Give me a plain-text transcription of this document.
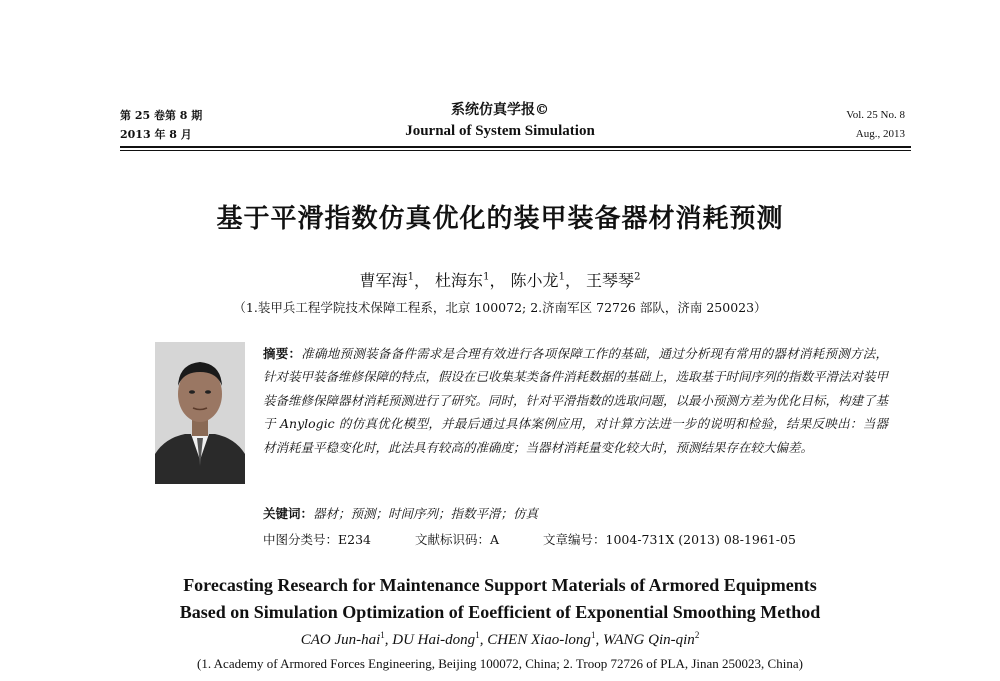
第 25 卷第 8 期
2013 年 8 月
系统仿真学报©
Journal of System Simulation
Vol. 25 No. 8
Aug., 2013
基于平滑指数仿真优化的装甲装备器材消耗预测
曹军海$^1$， 杜海东$^1$， 陈小龙$^1$， 王琴琴$^2$
（1.装甲兵工程学院技术保障工程系，北京 100072; 2.济南军区 72726 部队，济南 250023）
摘要：准确地预测装备备件需求是合理有效进行各项保障工作的基础，通过分析现有常用的器材消耗预测方法，针对装甲装备维修保障的特点，假设在已收集某类备件消耗数据的基础上，选取基于时间序列的指数平滑法对装甲装备维修保障器材消耗预测进行了研究。同时，针对平滑指数的选取问题，以最小预测方差为优化目标，构建了基于 Anylogic 的仿真优化模型，并最后通过具体案例应用，对计算方法进一步的说明和检验，结果反映出：当器材消耗量平稳变化时，此法具有较高的准确度；当器材消耗量变化较大时，预测结果存在较大偏差。
关键词：器材；预测；时间序列；指数平滑；仿真
中图分类号：E234	文献标识码：A	文章编号：1004-731X (2013) 08-1961-05
Forecasting Research for Maintenance Support Materials of Armored Equipments
Based on Simulation Optimization of Eoefficient of Exponential Smoothing Method
CAO Jun-hai$^1$, DU Hai-dong$^1$, CHEN Xiao-long$^1$, WANG Qin-qin$^2$
(1. Academy of Armored Forces Engineering, Beijing 100072, China; 2. Troop 72726 of PLA, Jinan 250023, China)
